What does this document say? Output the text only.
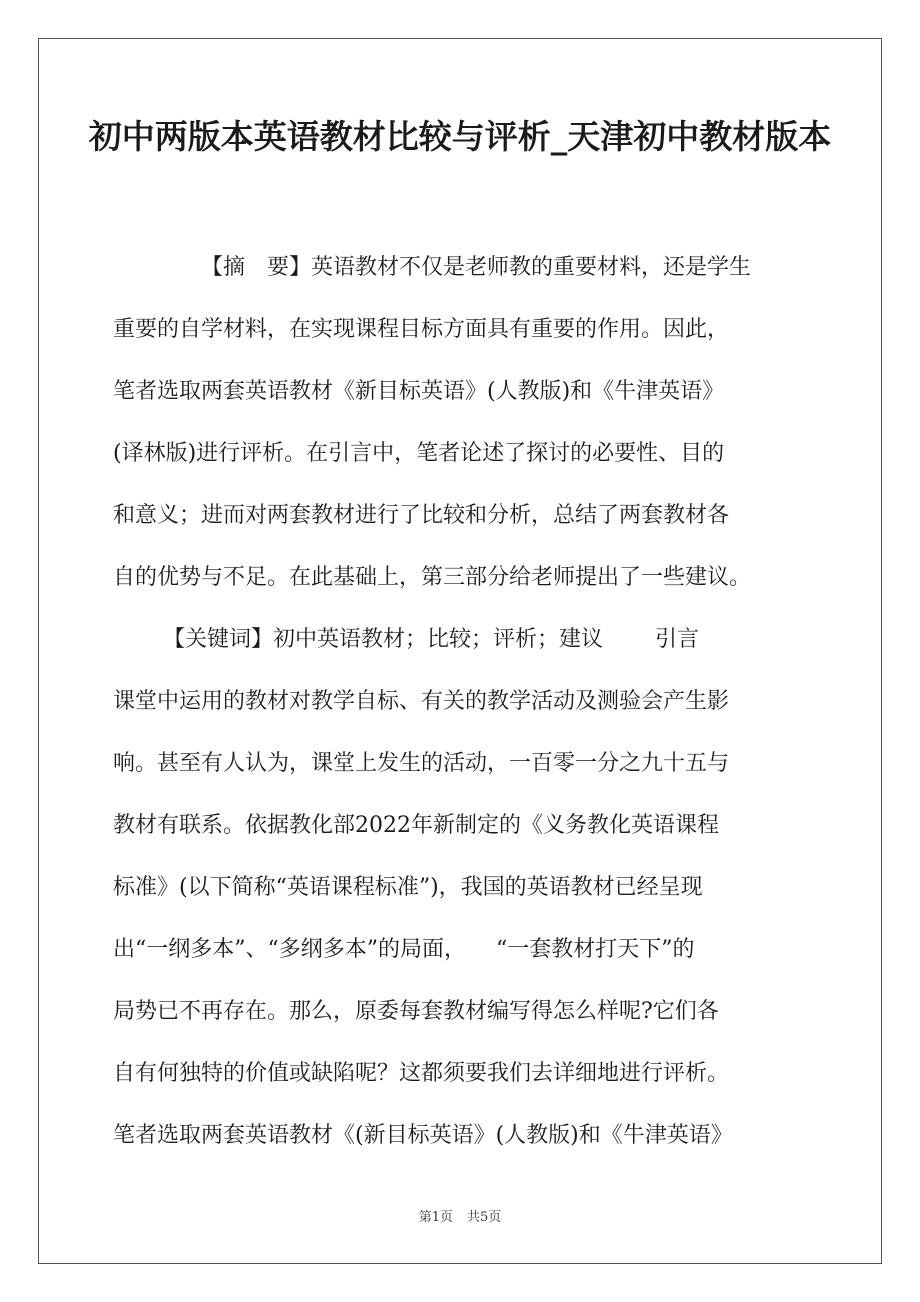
初中两版本英语教材比较与评析_天津初中教材版本
【摘　要】英语教材不仅是老师教的重要材料，还是学生
重要的自学材料，在实现课程目标方面具有重要的作用。因此，
笔者选取两套英语教材《新目标英语》(人教版)和《牛津英语》
(译林版)进行评析。在引言中，笔者论述了探讨的必要性、目的
和意义；进而对两套教材进行了比较和分析，总结了两套教材各
自的优势与不足。在此基础上，第三部分给老师提出了一些建议。
【关键词】初中英语教材；比较；评析；建议 引言
课堂中运用的教材对教学自标、有关的教学活动及测验会产生影
响。甚至有人认为，课堂上发生的活动，一百零一分之九十五与
教材有联系。依据教化部2022年新制定的《义务教化英语课程
标准》(以下简称“英语课程标准”)，我国的英语教材已经呈现
出“一纲多本”、“多纲多本”的局面， “一套教材打天下”的
局势已不再存在。那么，原委每套教材编写得怎么样呢?它们各
自有何独特的价值或缺陷呢？这都须要我们去详细地进行评析。
笔者选取两套英语教材《(新目标英语》(人教版)和《牛津英语》
第1页 共5页
